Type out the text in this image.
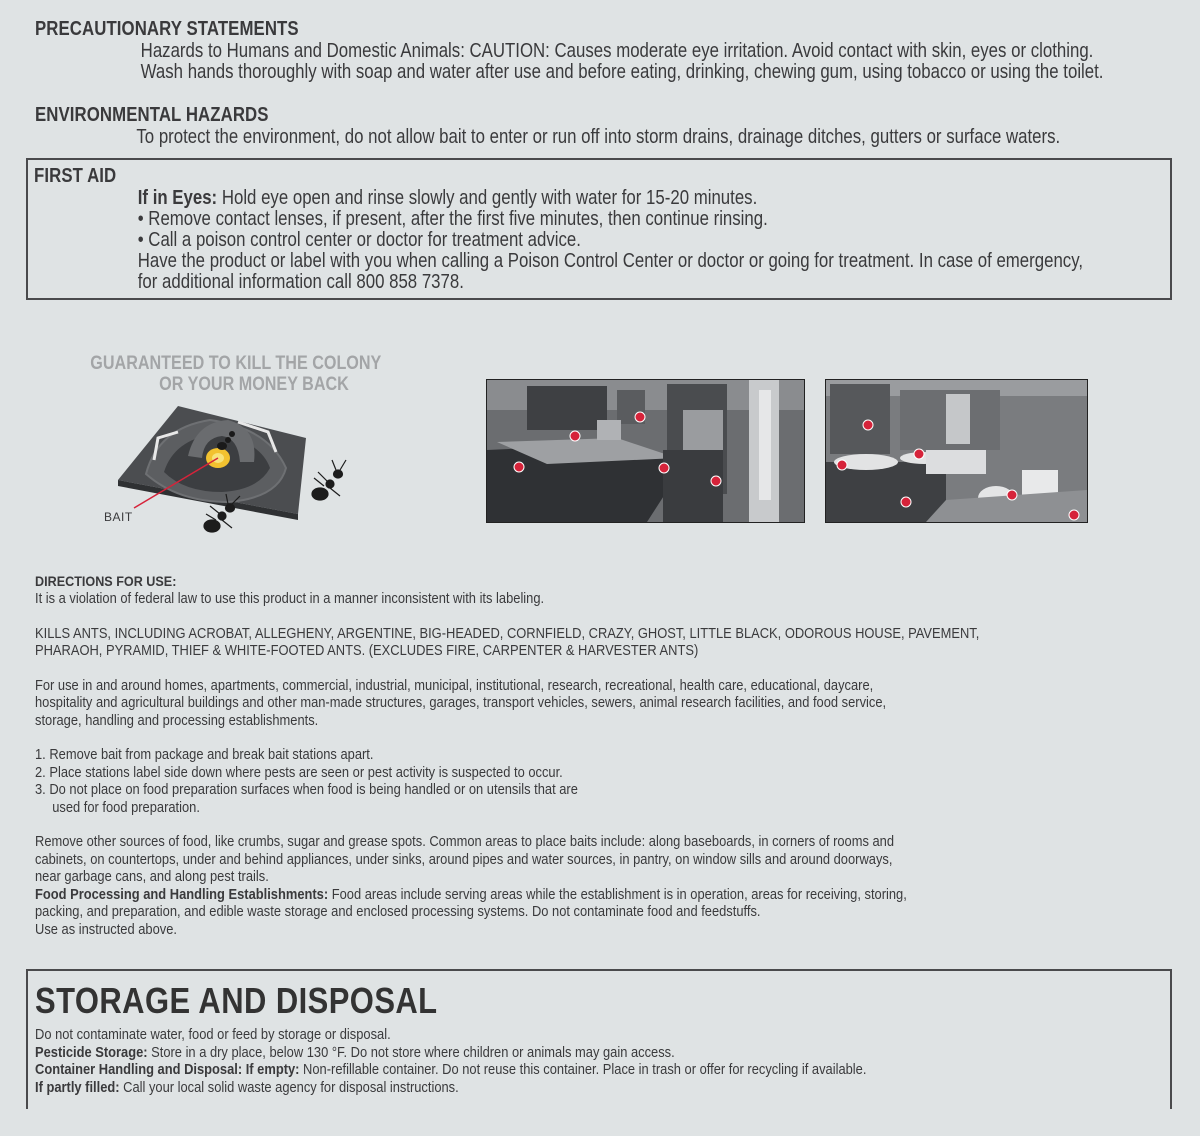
PRECAUTIONARY STATEMENTS
Hazards to Humans and Domestic Animals: CAUTION: Causes moderate eye irritation. Avoid contact with skin, eyes or clothing.
Wash hands thoroughly with soap and water after use and before eating, drinking, chewing gum, using tobacco or using the toilet.
ENVIRONMENTAL HAZARDS
To protect the environment, do not allow bait to enter or run off into storm drains, drainage ditches, gutters or surface waters.
FIRST AID
If in Eyes: Hold eye open and rinse slowly and gently with water for 15-20 minutes.
• Remove contact lenses, if present, after the first five minutes, then continue rinsing.
• Call a poison control center or doctor for treatment advice.
Have the product or label with you when calling a Poison Control Center or doctor or going for treatment. In case of emergency,
for additional information call 800 858 7378.
GUARANTEED TO KILL THE COLONY
OR YOUR MONEY BACK
BAIT
DIRECTIONS FOR USE:
It is a violation of federal law to use this product in a manner inconsistent with its labeling.
KILLS ANTS, INCLUDING ACROBAT, ALLEGHENY, ARGENTINE, BIG-HEADED, CORNFIELD, CRAZY, GHOST, LITTLE BLACK, ODOROUS HOUSE, PAVEMENT,
PHARAOH, PYRAMID, THIEF & WHITE-FOOTED ANTS. (EXCLUDES FIRE, CARPENTER & HARVESTER ANTS)
For use in and around homes, apartments, commercial, industrial, municipal, institutional, research, recreational, health care, educational, daycare,
hospitality and agricultural buildings and other man-made structures, garages, transport vehicles, sewers, animal research facilities, and food service,
storage, handling and processing establishments.
1. Remove bait from package and break bait stations apart.
2. Place stations label side down where pests are seen or pest activity is suspected to occur.
3. Do not place on food preparation surfaces when food is being handled or on utensils that are
used for food preparation.
Remove other sources of food, like crumbs, sugar and grease spots. Common areas to place baits include: along baseboards, in corners of rooms and
cabinets, on countertops, under and behind appliances, under sinks, around pipes and water sources, in pantry, on window sills and around doorways,
near garbage cans, and along pest trails.
Food Processing and Handling Establishments: Food areas include serving areas while the establishment is in operation, areas for receiving, storing,
packing, and preparation, and edible waste storage and enclosed processing systems. Do not contaminate food and feedstuffs.
Use as instructed above.
STORAGE AND DISPOSAL
Do not contaminate water, food or feed by storage or disposal.
Pesticide Storage: Store in a dry place, below 130 °F. Do not store where children or animals may gain access.
Container Handling and Disposal: If empty: Non-refillable container. Do not reuse this container. Place in trash or offer for recycling if available.
If partly filled: Call your local solid waste agency for disposal instructions.
